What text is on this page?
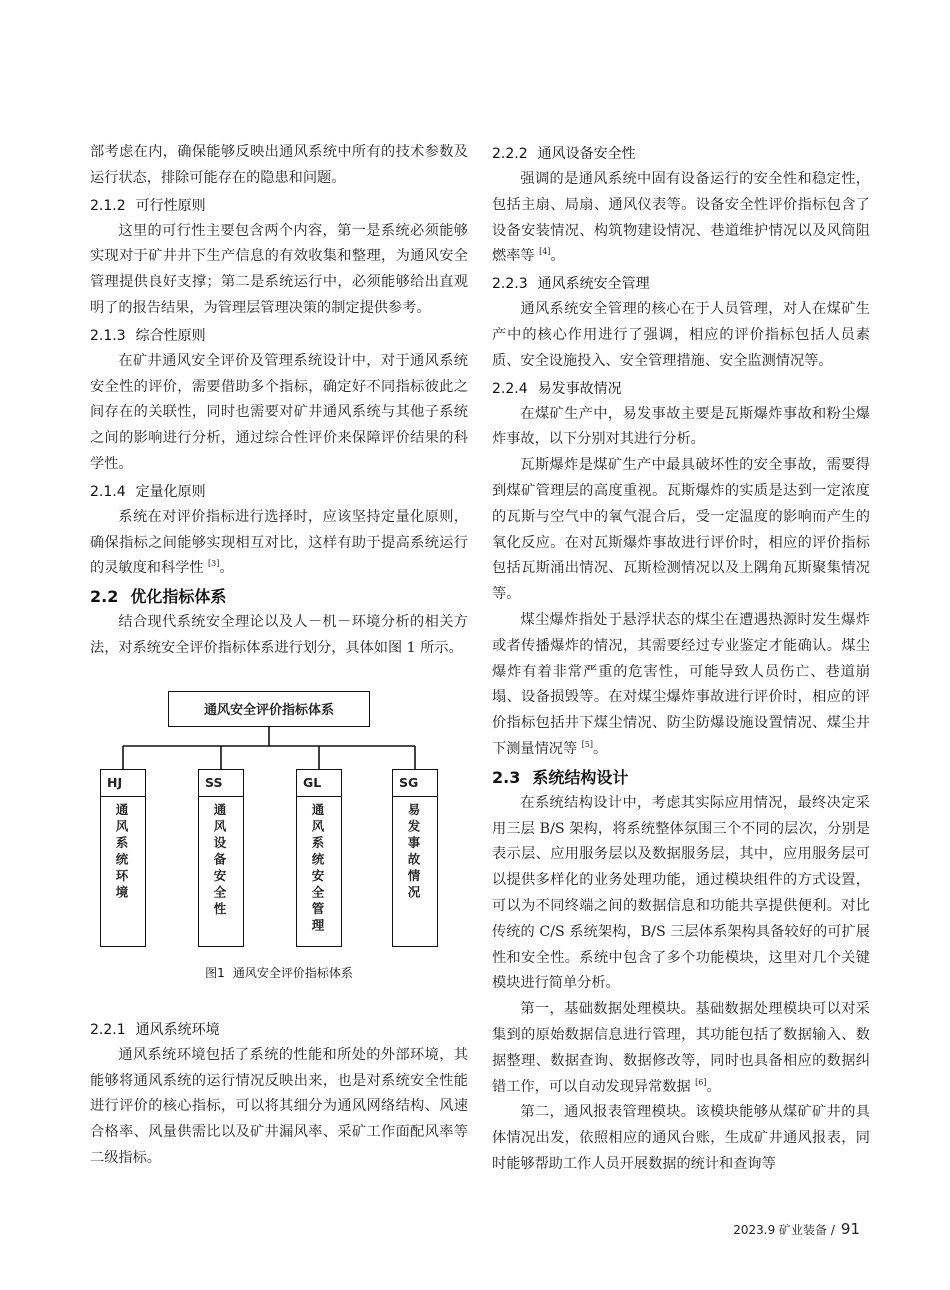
部考虑在内，确保能够反映出通风系统中所有的技术参数及运行状态，排除可能存在的隐患和问题。

2.1.2 可行性原则

这里的可行性主要包含两个内容，第一是系统必须能够实现对于矿井井下生产信息的有效收集和整理，为通风安全管理提供良好支撑；第二是系统运行中，必须能够给出直观明了的报告结果，为管理层管理决策的制定提供参考。

2.1.3 综合性原则

在矿井通风安全评价及管理系统设计中，对于通风系统安全性的评价，需要借助多个指标，确定好不同指标彼此之间存在的关联性，同时也需要对矿井通风系统与其他子系统之间的影响进行分析，通过综合性评价来保障评价结果的科学性。

2.1.4 定量化原则

系统在对评价指标进行选择时，应该坚持定量化原则，确保指标之间能够实现相互对比，这样有助于提高系统运行的灵敏度和科学性 [3]。

2.2 优化指标体系

结合现代系统安全理论以及人－机－环境分析的相关方法，对系统安全评价指标体系进行划分，具体如图 1 所示。

通风安全评价指标体系
HJ
通风系统环境
SS
通风设备安全性
GL
通风系统安全管理
SG
易发事故情况
图1 通风安全评价指标体系
2.2.1 通风系统环境

通风系统环境包括了系统的性能和所处的外部环境，其能够将通风系统的运行情况反映出来，也是对系统安全性能进行评价的核心指标，可以将其细分为通风网络结构、风速合格率、风量供需比以及矿井漏风率、采矿工作面配风率等二级指标。

2.2.2 通风设备安全性

强调的是通风系统中固有设备运行的安全性和稳定性，包括主扇、局扇、通风仪表等。设备安全性评价指标包含了设备安装情况、构筑物建设情况、巷道维护情况以及风筒阻燃率等 [4]。

2.2.3 通风系统安全管理

通风系统安全管理的核心在于人员管理，对人在煤矿生产中的核心作用进行了强调，相应的评价指标包括人员素质、安全设施投入、安全管理措施、安全监测情况等。

2.2.4 易发事故情况

在煤矿生产中，易发事故主要是瓦斯爆炸事故和粉尘爆炸事故，以下分别对其进行分析。

瓦斯爆炸是煤矿生产中最具破坏性的安全事故，需要得到煤矿管理层的高度重视。瓦斯爆炸的实质是达到一定浓度的瓦斯与空气中的氧气混合后，受一定温度的影响而产生的氧化反应。在对瓦斯爆炸事故进行评价时，相应的评价指标包括瓦斯涌出情况、瓦斯检测情况以及上隅角瓦斯聚集情况等。

煤尘爆炸指处于悬浮状态的煤尘在遭遇热源时发生爆炸或者传播爆炸的情况，其需要经过专业鉴定才能确认。煤尘爆炸有着非常严重的危害性，可能导致人员伤亡、巷道崩塌、设备损毁等。在对煤尘爆炸事故进行评价时，相应的评价指标包括井下煤尘情况、防尘防爆设施设置情况、煤尘井下测量情况等 [5]。

2.3 系统结构设计

在系统结构设计中，考虑其实际应用情况，最终决定采用三层 B/S 架构，将系统整体氛围三个不同的层次，分别是表示层、应用服务层以及数据服务层，其中，应用服务层可以提供多样化的业务处理功能，通过模块组件的方式设置，可以为不同终端之间的数据信息和功能共享提供便利。对比传统的 C/S 系统架构，B/S 三层体系架构具备较好的可扩展性和安全性。系统中包含了多个功能模块，这里对几个关键模块进行简单分析。

第一，基础数据处理模块。基础数据处理模块可以对采集到的原始数据信息进行管理，其功能包括了数据输入、数据整理、数据查询、数据修改等，同时也具备相应的数据纠错工作，可以自动发现异常数据 [6]。

第二，通风报表管理模块。该模块能够从煤矿矿井的具体情况出发，依照相应的通风台账，生成矿井通风报表，同时能够帮助工作人员开展数据的统计和查询等

2023.9 矿业装备 / 91
